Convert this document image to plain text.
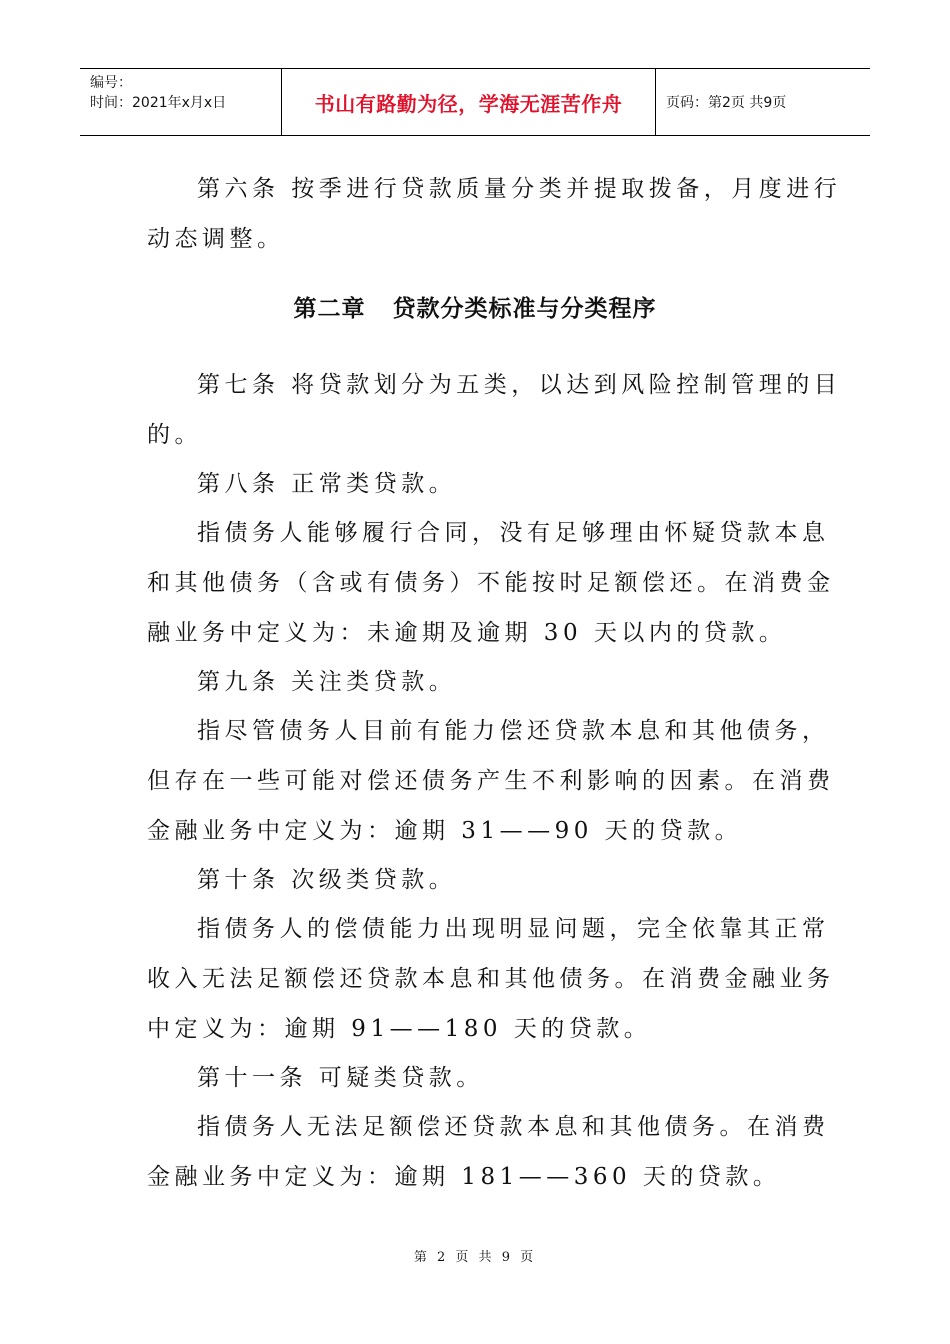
编号：
时间：2021年x月x日	书山有路勤为径，学海无涯苦作舟	页码：第2页 共9页
第六条 按季进行贷款质量分类并提取拨备，月度进行
动态调整。
第二章 贷款分类标准与分类程序
第七条 将贷款划分为五类，以达到风险控制管理的目
的。
第八条 正常类贷款。
指债务人能够履行合同，没有足够理由怀疑贷款本息
和其他债务（含或有债务）不能按时足额偿还。在消费金
融业务中定义为：未逾期及逾期 30 天以内的贷款。
第九条 关注类贷款。
指尽管债务人目前有能力偿还贷款本息和其他债务，
但存在一些可能对偿还债务产生不利影响的因素。在消费
金融业务中定义为：逾期 31——90 天的贷款。
第十条 次级类贷款。
指债务人的偿债能力出现明显问题，完全依靠其正常
收入无法足额偿还贷款本息和其他债务。在消费金融业务
中定义为：逾期 91——180 天的贷款。
第十一条 可疑类贷款。
指债务人无法足额偿还贷款本息和其他债务。在消费
金融业务中定义为：逾期 181——360 天的贷款。
第 2 页 共 9 页
